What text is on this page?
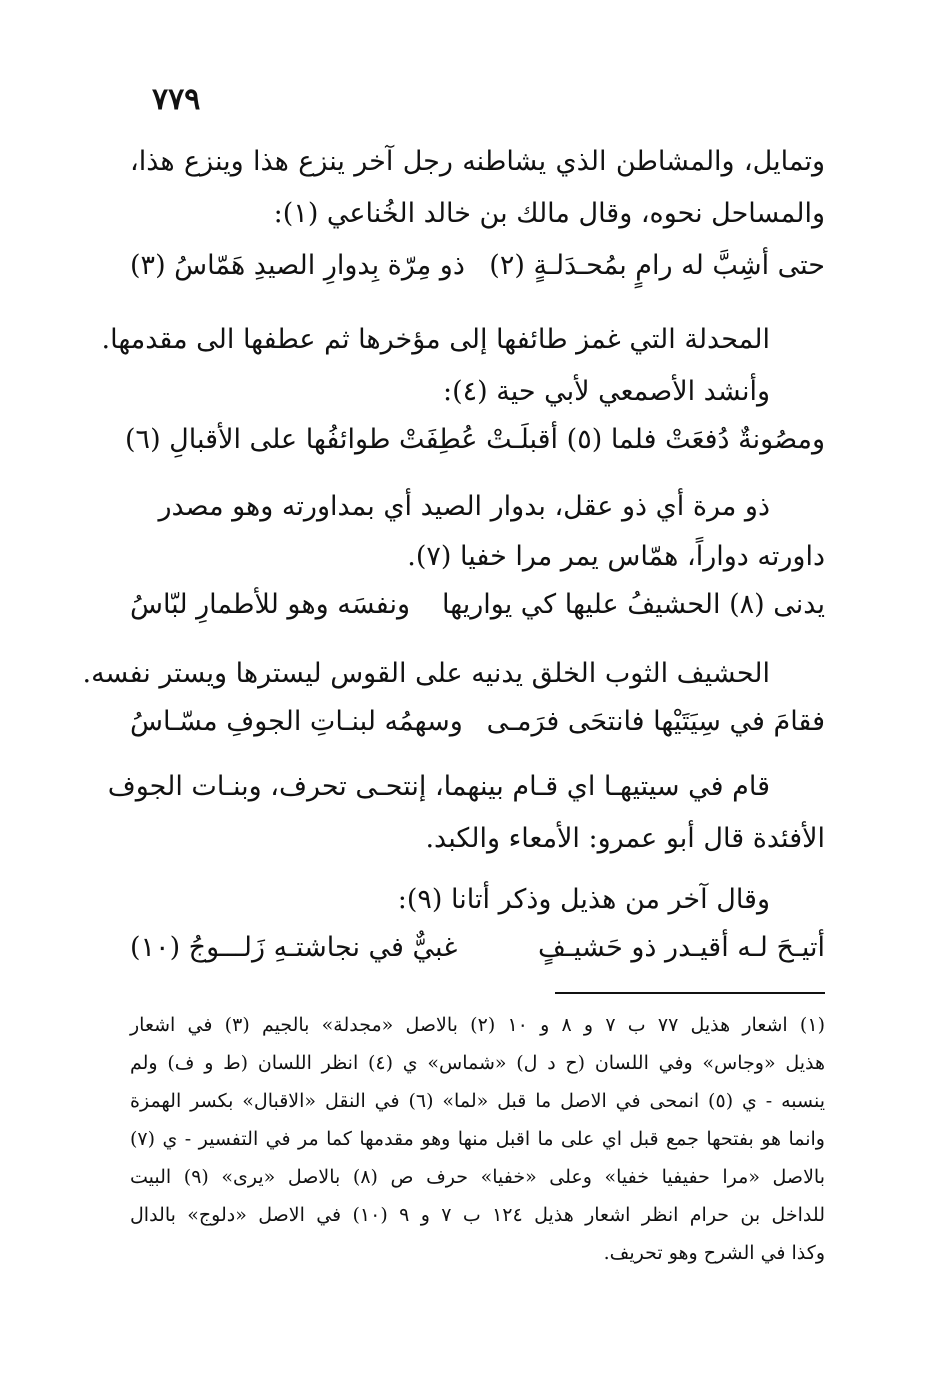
٧٧٩
وتمايل، والمشاطن الذي يشاطنه رجل آخر ينزع هذا وينزع هذا،
والمساحل نحوه، وقال مالك بن خالد الخُناعي (١):
حتى أشِبَّ له رامٍ بمُحـدَلـةٍ (٢)
ذو مِرّة بِدوارِ الصيدِ هَمّاسُ (٣)
المحدلة التي غمز طائفها إلى مؤخرها ثم عطفها الى مقدمها.
وأنشد الأصمعي لأبي حية (٤):
ومصُونةٌ دُفعَتْ فلما (٥) أقبلَـتْ
عُطِفَتْ طوائفُها على الأقبالِ (٦)
ذو مرة أي ذو عقل، بدوار الصيد أي بمداورته وهو مصدر
داورته دواراً، همّاس يمر مرا خفيا (٧).
يدنى (٨) الحشيفُ عليها كي يواريها
ونفسَه وهو للأطمارِ لبّاسُ
الحشيف الثوب الخلق يدنيه على القوس ليسترها ويستر نفسه.
فقامَ في سِيَتَيْها فانتحَى فرَمـى
وسهمُه لبنـاتِ الجوفِ مسّـاسُ
قام في سيتيهـا اي قـام بينهما، إنتحـى تحرف، وبنـات الجوف
الأفئدة قال أبو عمرو: الأمعاء والكبد.
وقال آخر من هذيل وذكر أتانا (٩):
أتيـحَ لـه أقيـدر ذو حَشيـفٍ
غبيٌّ في نجاشتـهِ زَلـــوجُ (١٠)
(١) اشعار هذيل ٧٧ ب ٧ و ٨ و ١٠ (٢) بالاصل «مجدلة» بالجيم (٣) في اشعار
هذيل «وجاس» وفي اللسان (ح د ل) «شماس» ي (٤) انظر اللسان (ط و ف) ولم
ينسبه - ي (٥) انمحى في الاصل ما قبل «لما» (٦) في النقل «الاقبال» بكسر الهمزة
وانما هو بفتحها جمع قبل اي على ما اقبل منها وهو مقدمها كما مر في التفسير - ي (٧)
بالاصل «مرا حفيفيا خفيا» وعلى «خفيا» حرف ص (٨) بالاصل «يرى» (٩) البيت
للداخل بن حرام انظر اشعار هذيل ١٢٤ ب ٧ و ٩ (١٠) في الاصل «دلوج» بالدال
وكذا في الشرح وهو تحريف.
